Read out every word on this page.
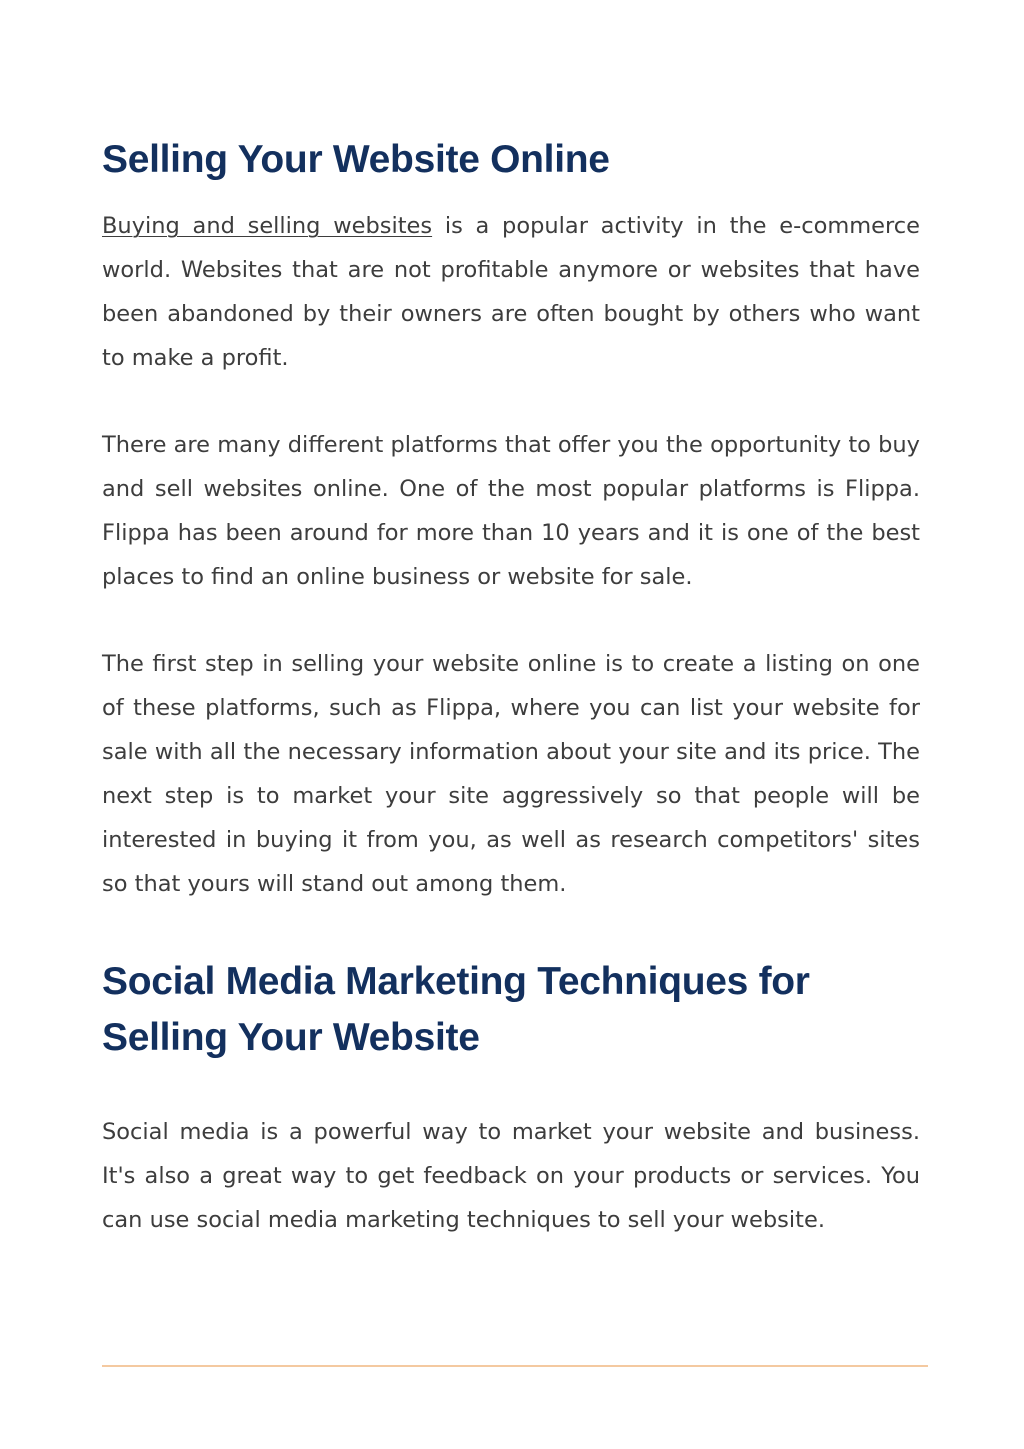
Selling Your Website Online

Buying and selling websites is a popular activity in the e-commerce world. Websites that are not profitable anymore or websites that have been abandoned by their owners are often bought by others who want to make a profit.

There are many different platforms that offer you the opportunity to buy and sell websites online. One of the most popular platforms is Flippa. Flippa has been around for more than 10 years and it is one of the best places to find an online business or website for sale.

The first step in selling your website online is to create a listing on one of these platforms, such as Flippa, where you can list your website for sale with all the necessary information about your site and its price. The next step is to market your site aggressively so that people will be interested in buying it from you, as well as research competitors' sites so that yours will stand out among them.

Social Media Marketing Techniques for Selling Your Website

Social media is a powerful way to market your website and business. It's also a great way to get feedback on your products or services. You can use social media marketing techniques to sell your website.
